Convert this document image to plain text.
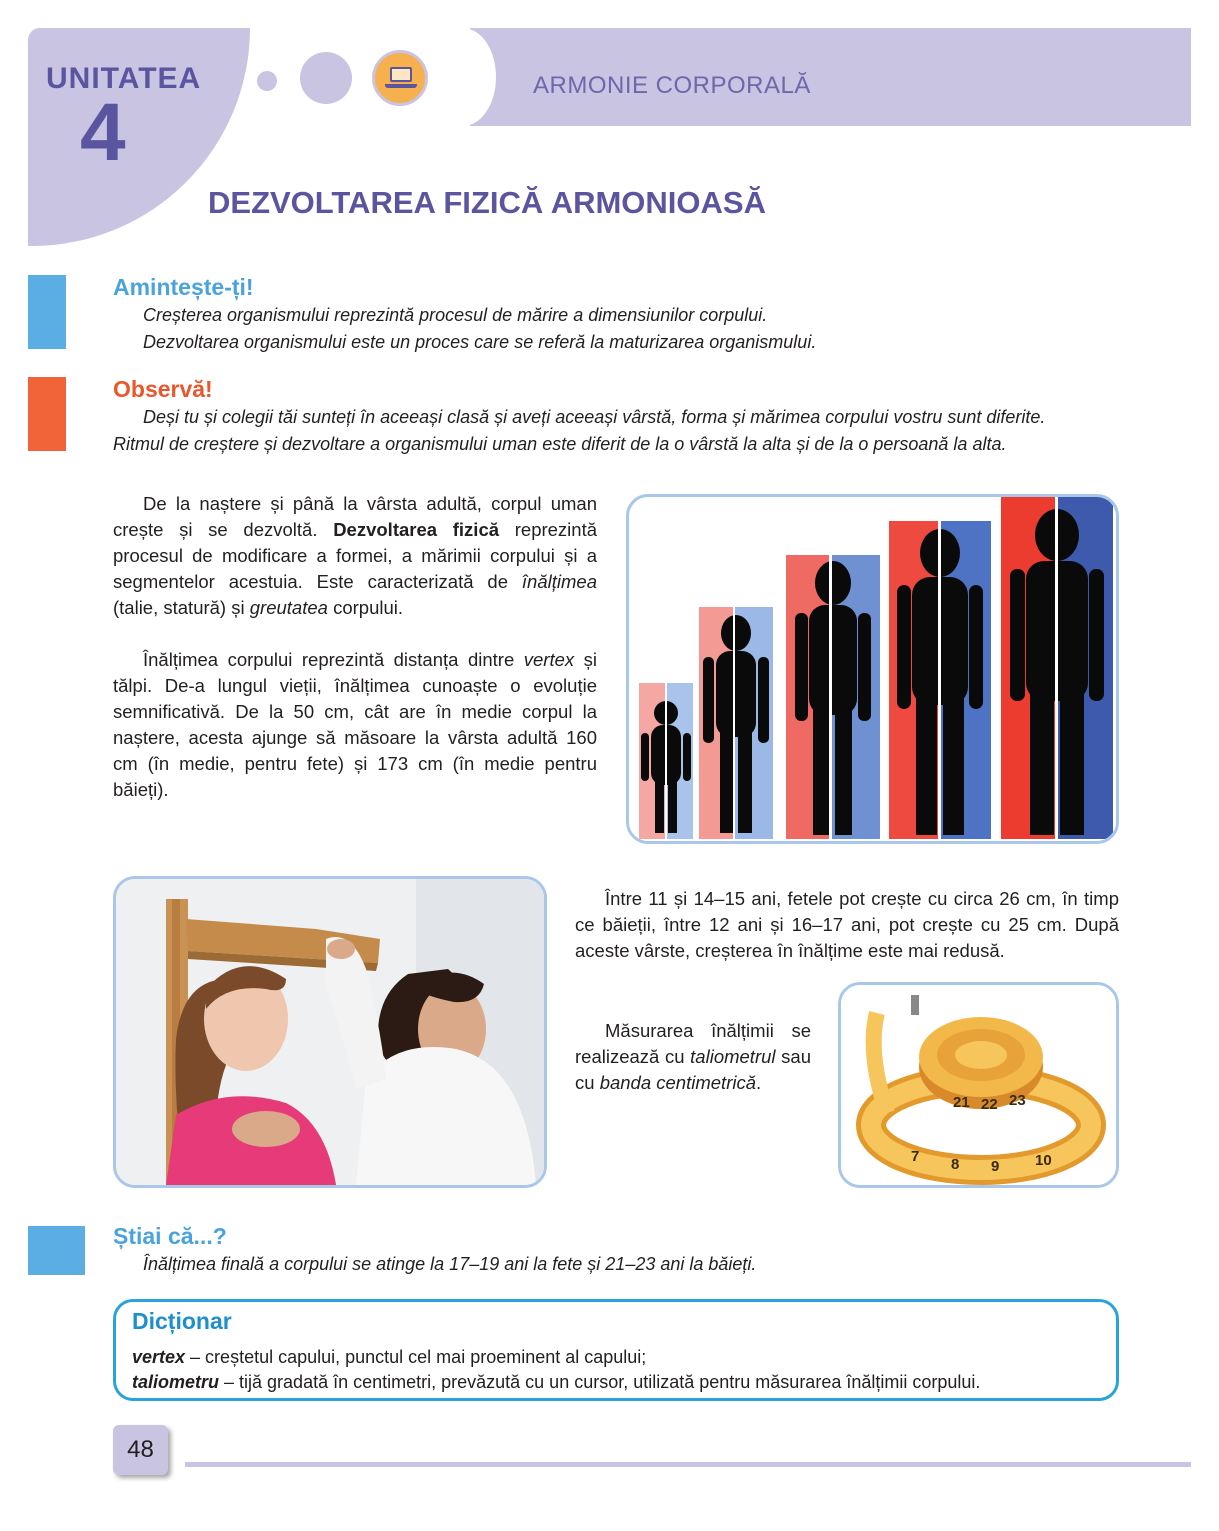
UNITATEA
4
ARMONIE CORPORALĂ
DEZVOLTAREA FIZICĂ ARMONIOASĂ
Amintește-ți!
Creșterea organismului reprezintă procesul de mărire a dimensiunilor corpului.
Dezvoltarea organismului este un proces care se referă la maturizarea organismului.
Observă!
Deși tu și colegii tăi sunteți în aceeași clasă și aveți aceeași vârstă, forma și mărimea corpului vostru sunt diferite.
Ritmul de creștere și dezvoltare a organismului uman este diferit de la o vârstă la alta și de la o persoană la alta.

De la naștere și până la vârsta adultă, corpul uman crește și se dezvoltă. Dezvoltarea fizică reprezintă procesul de modificare a formei, a mărimii corpului și a segmentelor acestuia. Este caracterizată de înălțimea (talie, statură) și greutatea corpului.

Înălțimea corpului reprezintă distanța dintre vertex și tălpi. De-a lungul vieții, înălțimea cunoaște o evoluție semnificativă. De la 50 cm, cât are în medie corpul la naștere, acesta ajunge să măsoare la vârsta adultă 160 cm (în medie, pentru fete) și 173 cm (în medie pentru băieți).

Între 11 și 14–15 ani, fetele pot crește cu circa 26 cm, în timp ce băieții, între 12 ani și 16–17 ani, pot crește cu 25 cm. După aceste vârste, creșterea în înălțime este mai redusă.

Măsurarea înălțimii se realizează cu taliometrul sau cu banda centimetrică.

7 8 9 10
21 22 23
Știai că...?
Înălțimea finală a corpului se atinge la 17–19 ani la fete și 21–23 ani la băieți.
Dicționar
vertex – creștetul capului, punctul cel mai proeminent al capului;
taliometru – tijă gradată în centimetri, prevăzută cu un cursor, utilizată pentru măsurarea înălțimii corpului.
48
